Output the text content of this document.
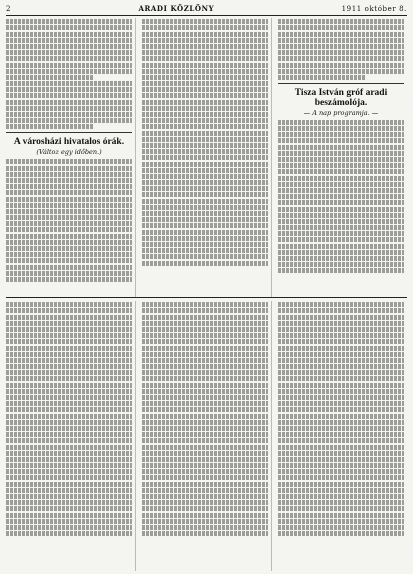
2	ARADI KÖZLÖNY	1911 október 8.
A városházi hivatalos órák.
(Változ egy időben.)
Tisza István gróf aradi beszámolója.
— A nap programja. —
